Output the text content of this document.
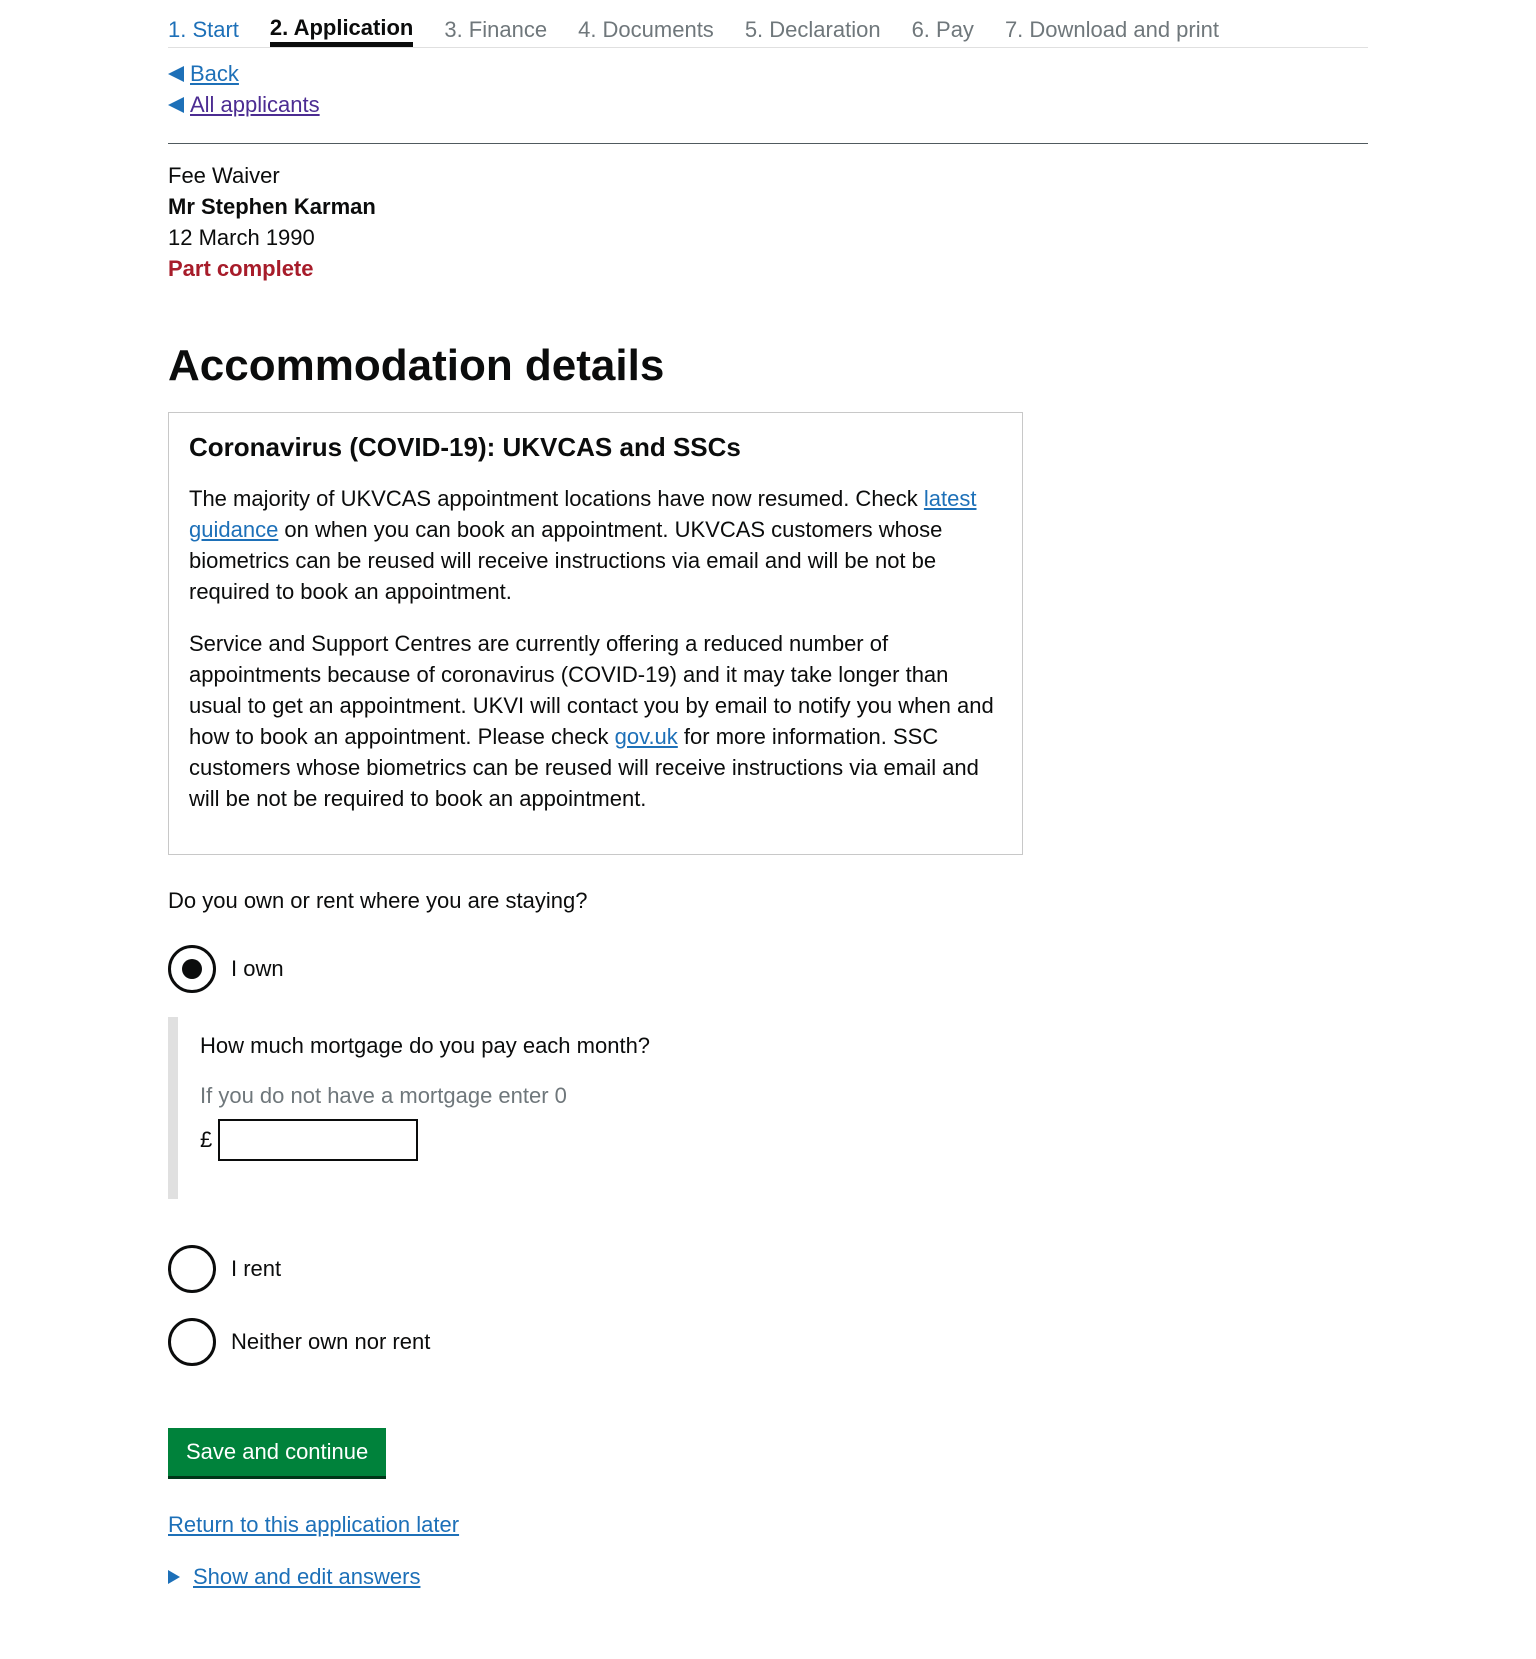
1. Start 2. Application 3. Finance 4. Documents 5. Declaration 6. Pay 7. Download and print
Back
All applicants
Fee Waiver
Mr Stephen Karman
12 March 1990
Part complete
Accommodation details
Coronavirus (COVID-19): UKVCAS and SSCs

The majority of UKVCAS appointment locations have now resumed. Check latest guidance on when you can book an appointment. UKVCAS customers whose biometrics can be reused will receive instructions via email and will be not be required to book an appointment.

Service and Support Centres are currently offering a reduced number of appointments because of coronavirus (COVID-19) and it may take longer than usual to get an appointment. UKVI will contact you by email to notify you when and how to book an appointment. Please check gov.uk for more information. SSC customers whose biometrics can be reused will receive instructions via email and will be not be required to book an appointment.

Do you own or rent where you are staying?
I own
How much mortgage do you pay each month?
If you do not have a mortgage enter 0
£
I rent
Neither own nor rent
Save and continue
Return to this application later
Show and edit answers
